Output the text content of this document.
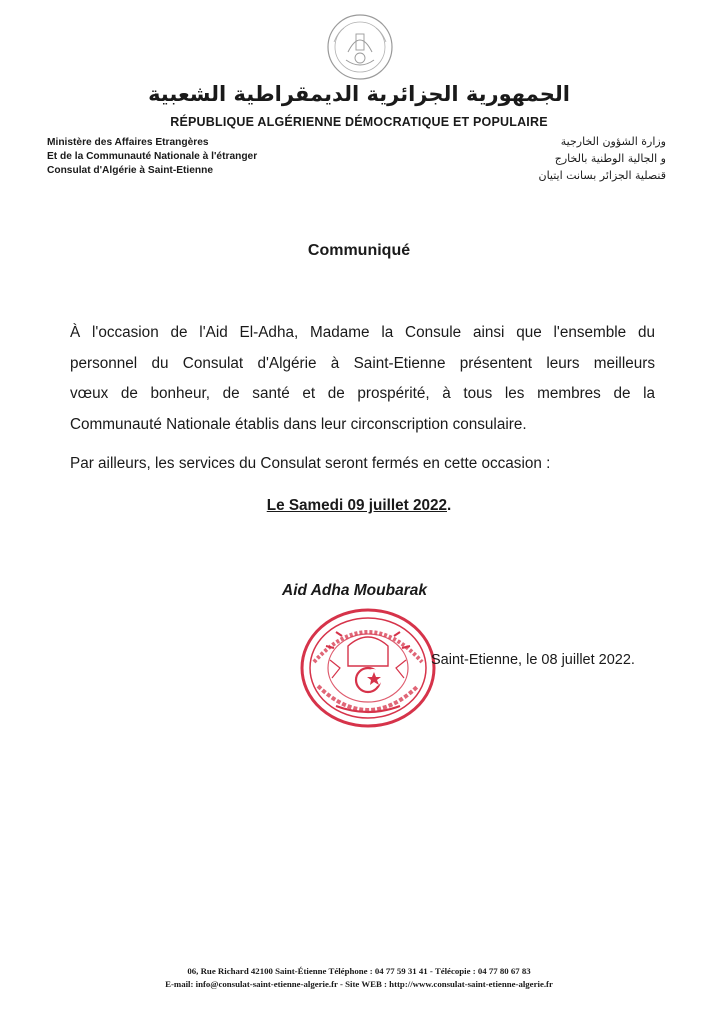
الجمهورية الجزائرية الديمقراطية الشعبية
RÉPUBLIQUE ALGÉRIENNE DÉMOCRATIQUE ET POPULAIRE
Ministère des Affaires Etrangères
Et de la Communauté Nationale à l'étranger
Consulat d'Algérie à Saint-Etienne
وزارة الشؤون الخارجية
و الجالية الوطنية بالخارج
قنصلية الجزائر بسانت ايتيان
Communiqué
À l'occasion de l'Aid El-Adha, Madame la Consule ainsi que l'ensemble du
personnel du Consulat d'Algérie à Saint-Etienne présentent leurs meilleurs
vœux de bonheur, de santé et de prospérité, à tous les membres de la
Communauté Nationale établis dans leur circonscription consulaire.
Par ailleurs, les services du Consulat seront fermés en cette occasion :
Le Samedi 09 juillet 2022.
Aid Adha Moubarak
Saint-Etienne, le 08 juillet 2022.
06, Rue Richard 42100 Saint-Étienne Téléphone : 04 77 59 31 41 - Télécopie : 04 77 80 67 83
E-mail: info@consulat-saint-etienne-algerie.fr - Site WEB : http://www.consulat-saint-etienne-algerie.fr
